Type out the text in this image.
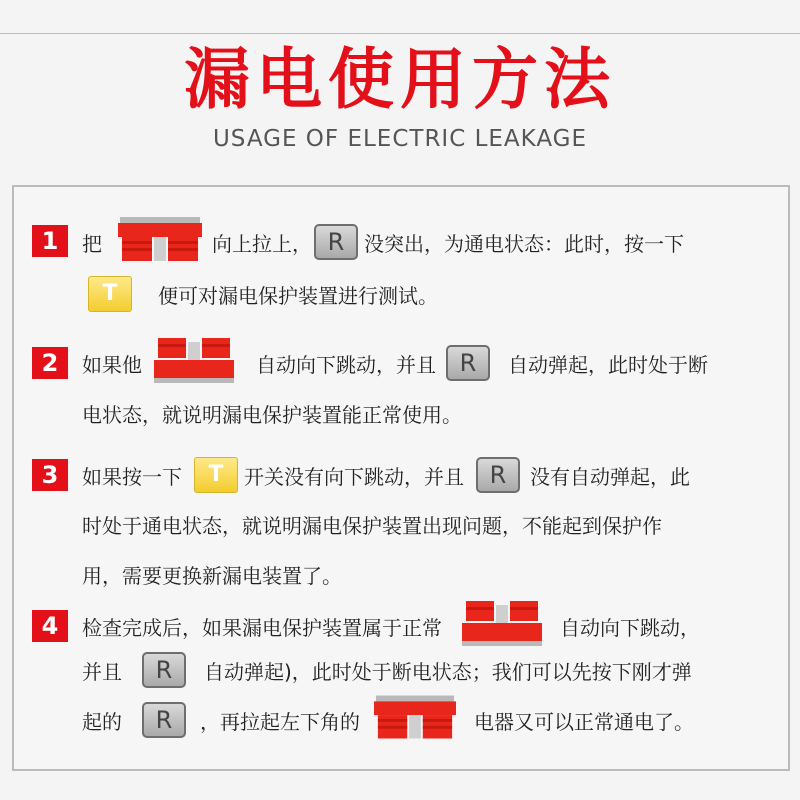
漏电使用方法
USAGE OF ELECTRIC LEAKAGE
1	把	向上拉上， R 没突出，为通电状态：此时，按一下
T	便可对漏电保护装置进行测试。
2	如果他	自动向下跳动，并且 R	自动弹起，此时处于断
电状态，就说明漏电保护装置能正常使用。
3	如果按一下	T	开关没有向下跳动，并且	R	没有自动弹起，此
时处于通电状态，就说明漏电保护装置出现问题，不能起到保护作
用，需要更换新漏电装置了。
4	检查完成后，如果漏电保护装置属于正常	自动向下跳动，
并且	R	自动弹起)，此时处于断电状态；我们可以先按下刚才弹
起的	R	，再拉起左下角的	电器又可以正常通电了。
